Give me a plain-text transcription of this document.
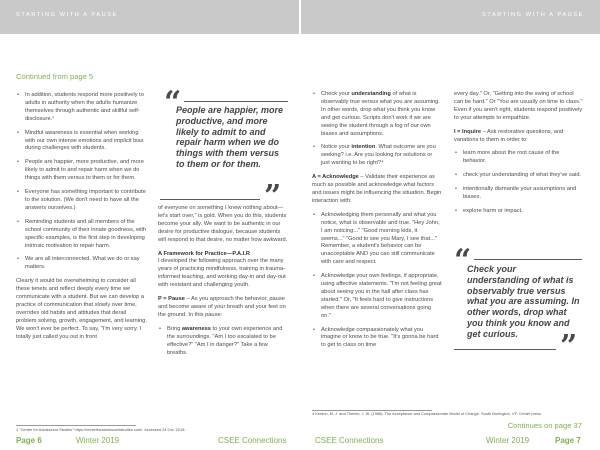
STARTING WITH A PAUSE	STARTING WITH A PAUSE
Continued from page 5
• In addition, students respond more positively to adults in authority when the adults humanize themselves through authentic and skillful self-disclosure.¹
• Mindful awareness is essential when working with our own intense emotions and implicit bias during challenges with students.
• People are happier, more productive, and more likely to admit to and repair harm when we do things with them versus to them or for them.
• Everyone has something important to contribute to the solution. (We don't need to have all the answers ourselves.)
• Reminding students and all members of the school community of their innate goodness, with specific examples, is the first step in developing intrinsic motivation to repair harm.
• We are all interconnected. What we do or say matters.

Clearly it would be overwhelming to consider all these tenets and reflect deeply every time we communicate with a student. But we can develop a practice of communication that slowly over time, overrides old habits and attitudes that derail problem solving, growth, engagement, and learning. We won't ever be perfect. To say, "I'm very sorry. I totally just called you out in front

“
People are happier, more productive, and more likely to admit to and repair harm when we do things with them versus to them or for them.
”

of everyone on something I knew nothing about—let's start over," is gold. When you do this, students become your ally. We want to be authentic in our desire for productive dialogue, because students will respond to that desire, no matter how awkward.

A Framework for Practice—P.A.I.R

I developed the following approach over the many years of practicing mindfulness, training in trauma-informed teaching, and working day-in and day-out with resistant and challenging youth.

P = Pause – As you approach the behavior, pause and become aware of your breath and your feet on the ground. In this pause:

• Bring awareness to your own experience and the surroundings. "Am I too escalated to be effective?" "Am I in danger?" Take a few breaths.
• Check your understanding of what is observably true versus what you are assuming. In other words, drop what you think you know and get curious. Scripts don't work if we are seeing the student through a fog of our own biases and assumptions.
• Notice your intention. What outcome are you seeking? i.e. Are you looking for solutions or just wanting to be right?⁴

A = Acknowledge – Validate their experience as much as possible and acknowledge what factors and issues might be influencing the situation. Begin interaction with:

• Acknowledging them personally and what you notice, what is observable and true. "Hey John, I am noticing..." "Good morning kids, it seems..." "Good to see you Mary, I see that..." Remember, a student's behavior can be unacceptable AND you can still communicate with care and respect.
• Acknowledge your own feelings, if appropriate, using affective statements. "I'm not feeling great about seeing you in the hall after class has started." Or, "It feels hard to give instructions when there are several conversations going on."
• Acknowledge compassionately what you imagine or know to be true. "It's gonna be hard to get to class on time

every day." Or, "Getting into the swing of school can be hard." Or "You are usually on time to class." Even if you aren't right, students respond positively to your attempts to empathize.

I = Inquire – Ask restorative questions, and variations to them in order to:

• learn more about the root cause of the behavior.
• check your understanding of what they've said.
• intentionally dismantle your assumptions and biases.
• explore harm or impact.
“
Check your understanding of what is observably true versus what you are assuming. In other words, drop what you think you know and get curious.	”
1 "Center for Adolescent Studies" https://centerforadolescentstudies.com/. Accessed 24 Oct. 2018.
4 Kenton, M. J. and Timmin, J. W. (1988). The Acceptance and Compassionate Model of Change. South Burlington, VT: Center press
Continues on page 37
Page 6	Winter 2019	CSEE Connections	CSEE Connections	Winter 2019	Page 7
